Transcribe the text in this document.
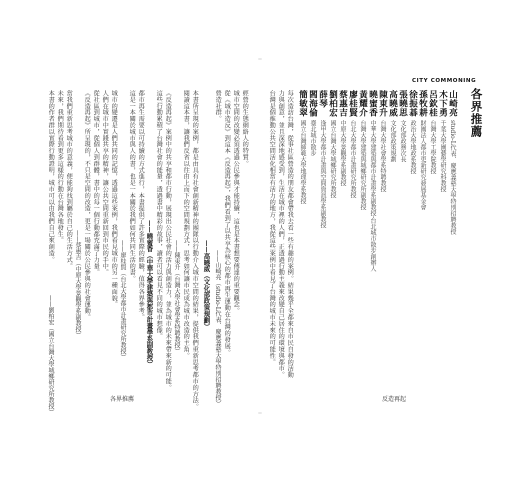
CITY COMMONING
各界推薦
山崎亮
studio-L代表、慶應義塾大學特別招聘教授
木下勇
千葉大學園藝學研究科教授
呂欽桂
台灣大學工學院教授
孫牧耕
財團法人都市更新研究發展基金會
徐振碁
政治大學地政系教授
張曉思
文化部政務次長
高曉威
文化部政策規劃
陳東升
台灣大學社會學系特聘教授
曉蜜香
中華大學建築與都市計畫學系副教授·台北城市散步創辦人
黃耀介
台灣大學建築與城鄉研究所副教授
廖桂賢
台北大學都市計畫研究所教授
蔡惠吉
中原大學景觀學系副教授
劉柏宏
國立台灣大學城鄉研究所教授
薛琴
逢甲大學都市計畫與空間資訊學系副教授
閻海倫
臺北城市散步
簡敏翠
國立台灣師範大學地理學系教授
每次造訪台灣，從事社區營造的朋友都會帶我去看一些有趣的案例。結果幾乎全都來自市民自發的活動
力與創意，並且深深地感受到，生活在城市裡的人們，正透過行動主義來改變自己居住的環境與都市。
台灣是個推動公共空間活化相當有活力的地方，我從這些案例中看見了台灣的城市未來的可能性。
反造再起
經營的生態網絡人的特質。
城市空間的改變必須透過公民參與才能持續，這也是本書想要傳達的重要觀念。
從《城市造反》到這本《反造再起》，我們看到了以共享為核心的都市再生運動在台灣的發展。
營造社群。
——山崎亮（studio-L代表、慶應義塾大學特別招聘教授）
——高曉威（文化部政策規劃）
本書所呈現的案例，都是由具有社會創新精神的團隊以行動介入城市空間的結果，提供我們重新思考都市的方法。
閱讀這本書，讓我們反省以往由上而下的空間規劃方式，思考如何讓市民成為城市改造的主角。
——陳東升（台灣大學社會學系特聘教授）
《反造再起》案例中的共享和都市行動，展現出公民社會的活力與創造力，並為城市的未來帶來新的可能。
這些行動累積了台灣社會的能量，透過書中精彩的故事，讀者可以看見不同的城市想像。
——曉蜜香（中華大學建築與都市計畫學系副教授）
都市再生需要以可持續的方式進行，本書提供了許多實際的經驗，值得各界參考。
這是一本關於城市與人的書，也是一本關於我們如何共同生活的書。
——廖桂賢（台北大學都市計畫研究所教授）
城市的變遷是人們共同的記憶，透過這些案例，我們看見城市的另一種面貌。
人們在城市中實踐共享的精神，讓公共空間重新回到市民的手中。
從社區到城市，從個人到群體，書中的每一個行動都充滿了力量。
《反造再起》所呈現的，不只是空間的改造，更是一場關於公民參與的社會運動。
——蔡惠吉（中原大學景觀學系副教授）
當我們重新思考城市的意義，便能夠找到屬於自己的生活方式。
未來，我們期待看到更多這樣的行動在台灣各地發生。
本書的作者群以實際行動證明，城市可以由我們自己來創造。
——劉柏宏（國立台灣大學城鄉研究所教授）	各界推薦
